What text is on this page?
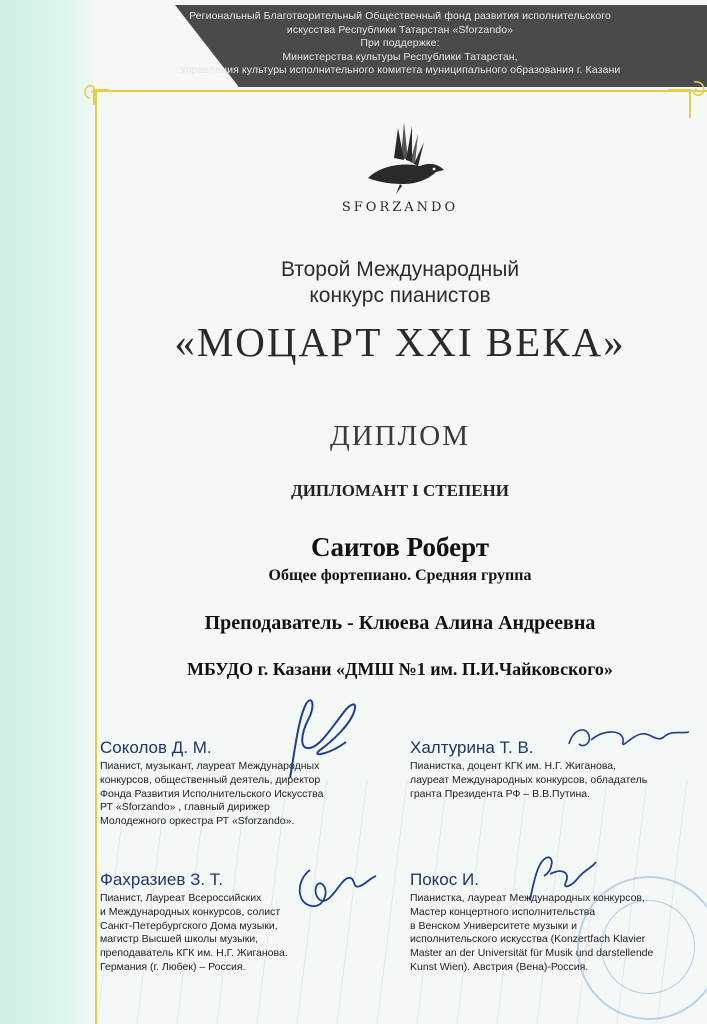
Региональный Благотворительный Общественный фонд развития исполнительского
искусства Республики Татарстан «Sforzando»
При поддержке:
Министерства культуры Республики Татарстан,
Управления культуры исполнительного комитета муниципального образования г. Казани
SFORZANDO
Второй Международный
конкурс пианистов
«МОЦАРТ XXI ВЕКА»
ДИПЛОМ
ДИПЛОМАНТ I СТЕПЕНИ
Саитов Роберт
Общее фортепиано. Средняя группа
Преподаватель - Клюева Алина Андреевна
МБУДО г. Казани «ДМШ №1 им. П.И.Чайковского»
Соколов Д. М.
Пианист, музыкант, лауреат Международных
конкурсов, общественный деятель, директор
Фонда Развития Исполнительского Искусства
РТ «Sforzando» , главный дирижер
Молодежного оркестра РТ «Sforzando».
Халтурина Т. В.
Пианистка, доцент КГК им. Н.Г. Жиганова,
лауреат Международных конкурсов, обладатель
гранта Президента РФ – В.В.Путина.
Фахразиев З. Т.
Пианист, Лауреат Всероссийских
и Международных конкурсов, солист
Санкт-Петербургского Дома музыки,
магистр Высшей школы музыки,
преподаватель КГК им. Н.Г. Жиганова.
Германия (г. Любек) – Россия.
Покос И.
Пианистка, лауреат Международных конкурсов,
Мастер концертного исполнительства
в Венском Университете музыки и
исполнительского искусства (Konzertfach Klavier
Master an der Universität für Musik und darstellende
Kunst Wien). Австрия (Вена)-Россия.
